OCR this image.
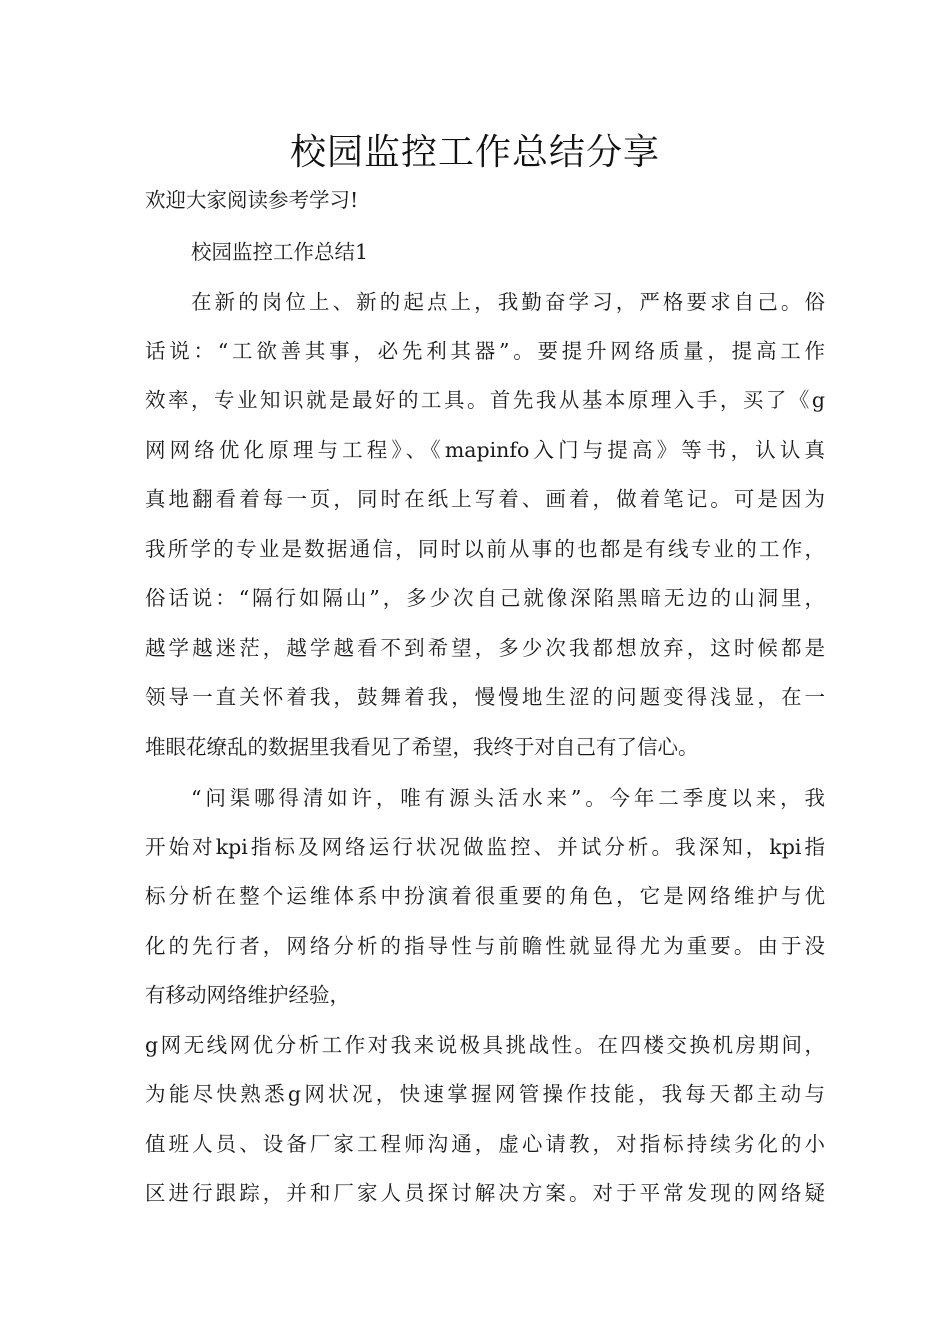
校园监控工作总结分享

欢迎大家阅读参考学习!

校园监控工作总结1

在新的岗位上、新的起点上，我勤奋学习，严格要求自己。俗

话说：“工欲善其事，必先利其器”。要提升网络质量，提高工作

效率，专业知识就是最好的工具。首先我从基本原理入手，买了《g

网网络优化原理与工程》、《mapinfo入门与提高》等书，认认真

真地翻看着每一页，同时在纸上写着、画着，做着笔记。可是因为

我所学的专业是数据通信，同时以前从事的也都是有线专业的工作，

俗话说：“隔行如隔山”，多少次自己就像深陷黑暗无边的山洞里，

越学越迷茫，越学越看不到希望，多少次我都想放弃，这时候都是

领导一直关怀着我，鼓舞着我，慢慢地生涩的问题变得浅显，在一

堆眼花缭乱的数据里我看见了希望，我终于对自己有了信心。

“问渠哪得清如许，唯有源头活水来”。今年二季度以来，我

开始对kpi指标及网络运行状况做监控、并试分析。我深知，kpi指

标分析在整个运维体系中扮演着很重要的角色，它是网络维护与优

化的先行者，网络分析的指导性与前瞻性就显得尤为重要。由于没

有移动网络维护经验，

g网无线网优分析工作对我来说极具挑战性。在四楼交换机房期间，

为能尽快熟悉g网状况，快速掌握网管操作技能，我每天都主动与

值班人员、设备厂家工程师沟通，虚心请教，对指标持续劣化的小

区进行跟踪，并和厂家人员探讨解决方案。对于平常发现的网络疑
